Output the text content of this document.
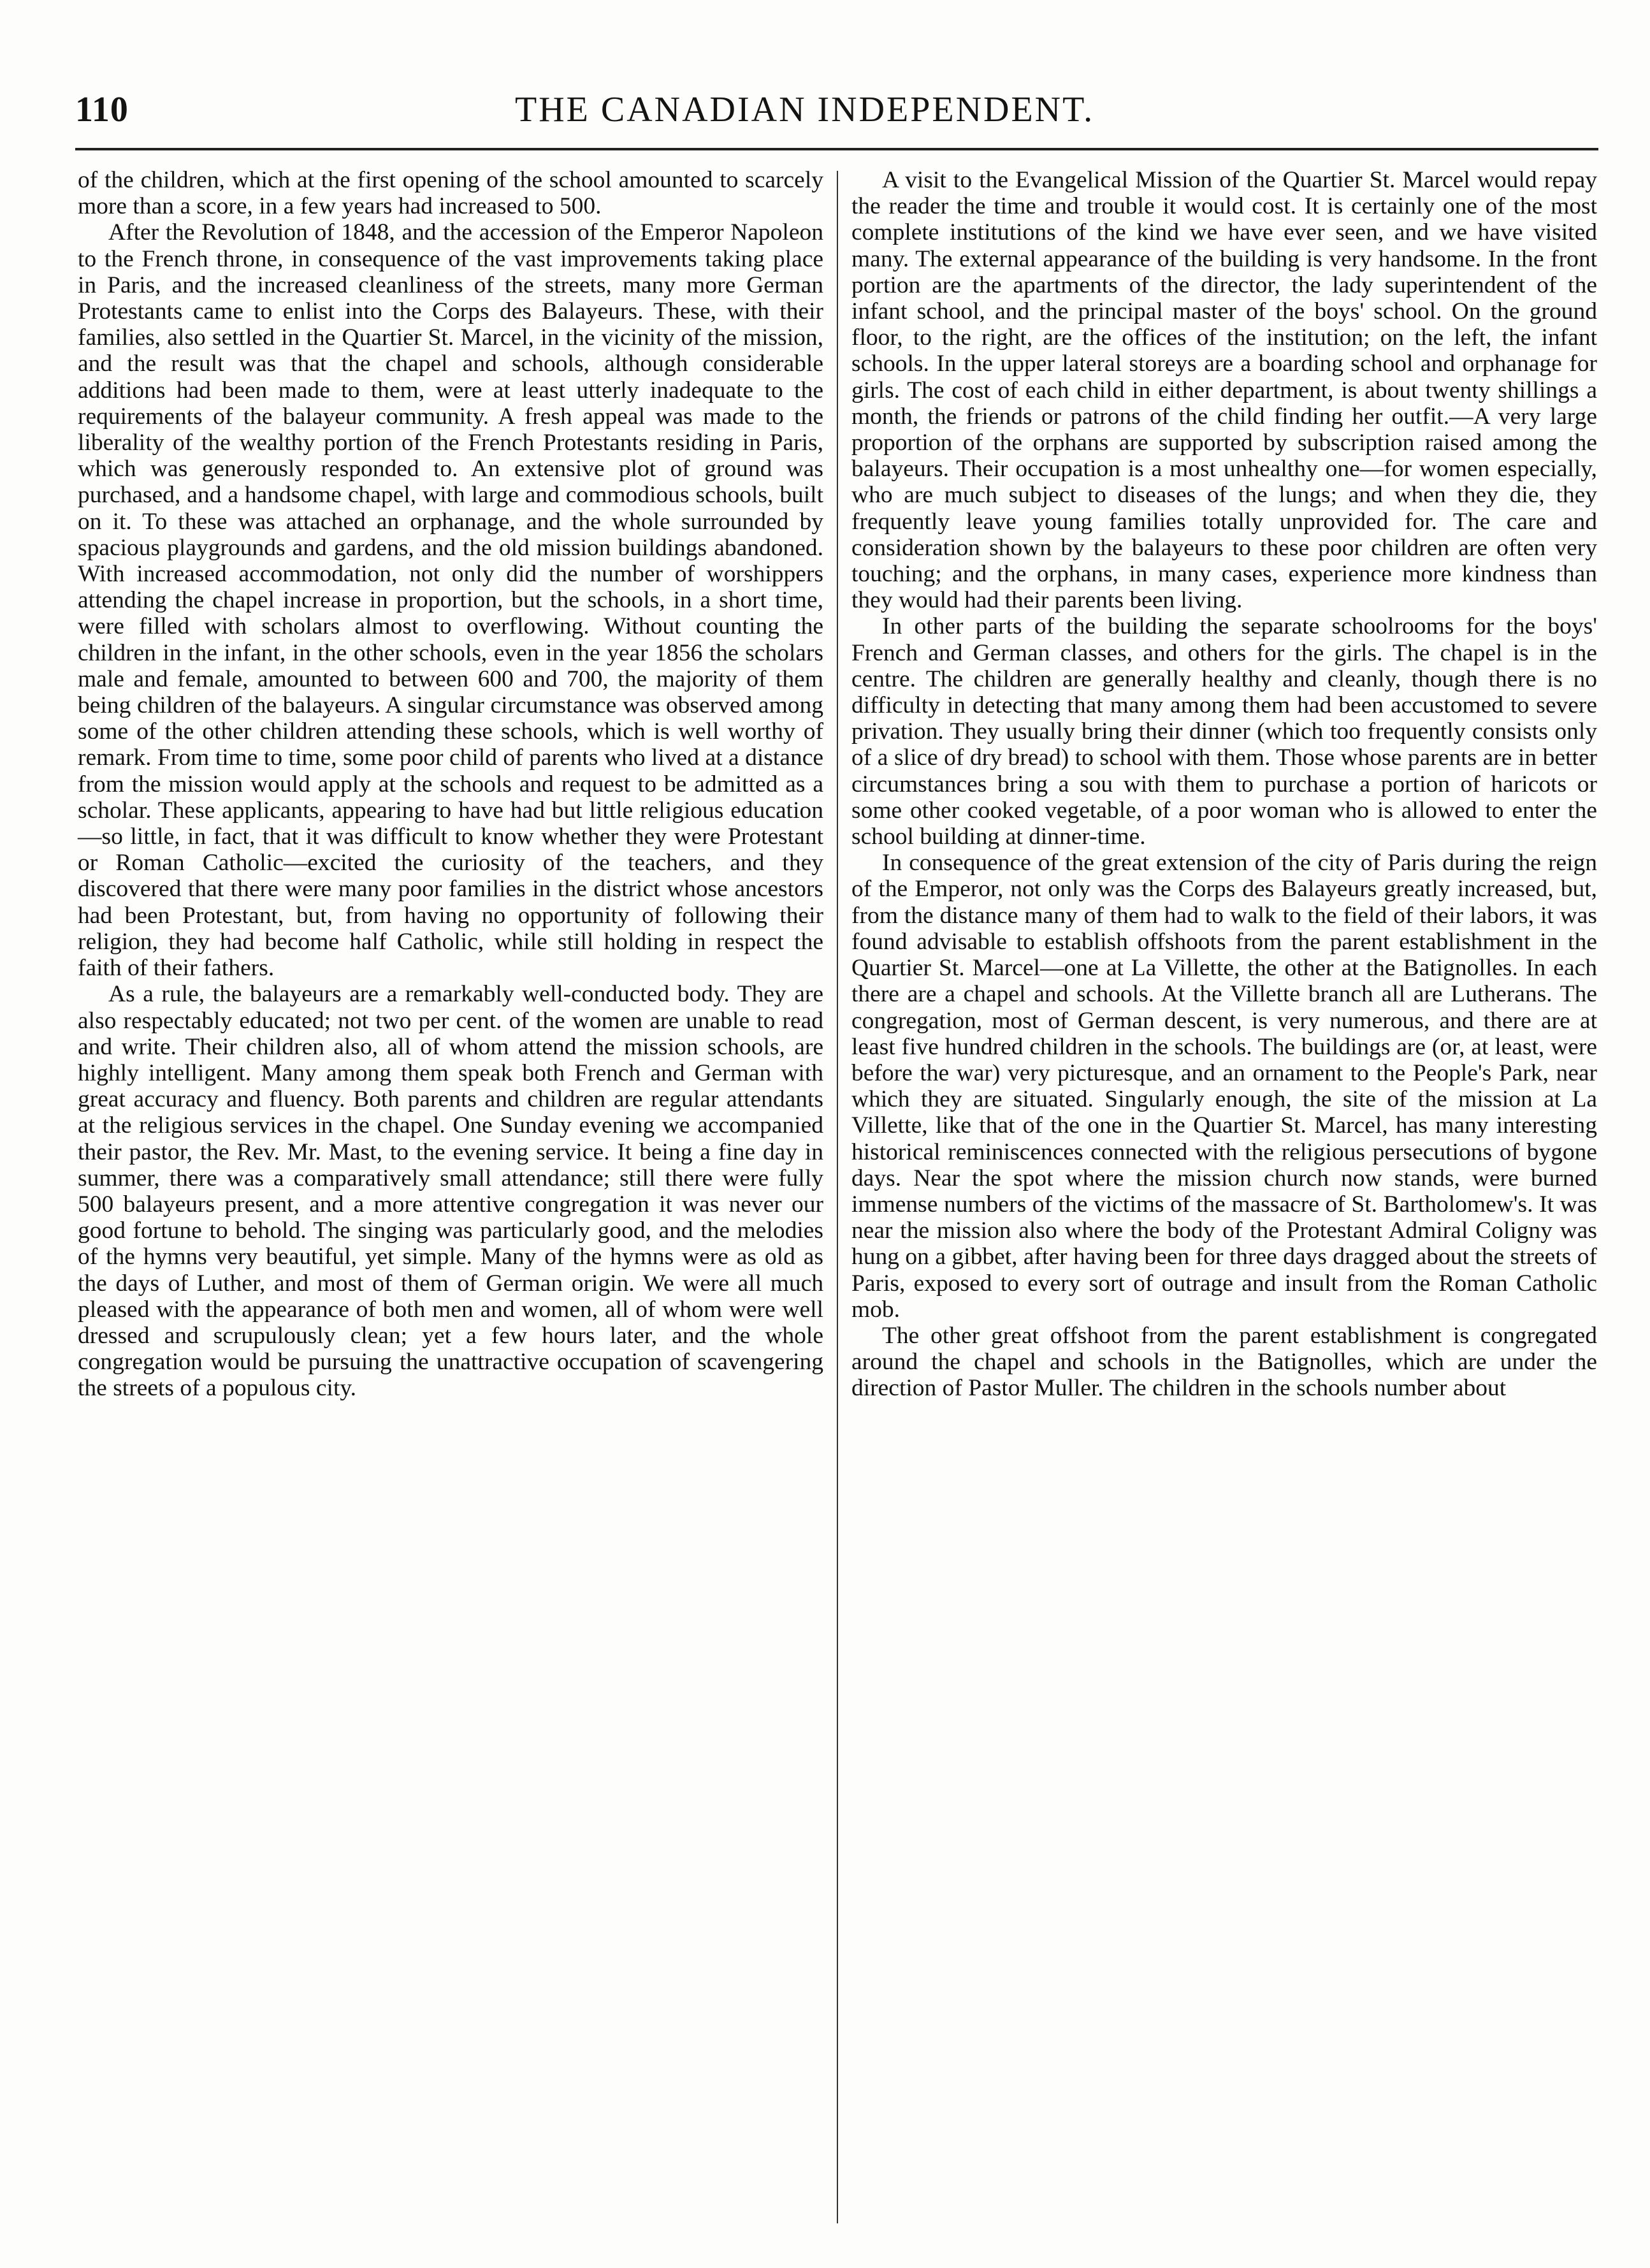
110	THE CANADIAN INDEPENDENT.

of the children, which at the first opening of the school amounted to scarcely more than a score, in a few years had increased to 500.

After the Revolution of 1848, and the accession of the Emperor Napoleon to the French throne, in consequence of the vast improvements taking place in Paris, and the increased cleanliness of the streets, many more German Protestants came to enlist into the Corps des Balayeurs. These, with their families, also settled in the Quartier St. Marcel, in the vicinity of the mission, and the result was that the chapel and schools, although considerable additions had been made to them, were at least utterly inadequate to the requirements of the balayeur community. A fresh appeal was made to the liberality of the wealthy portion of the French Protestants residing in Paris, which was generously responded to. An extensive plot of ground was purchased, and a handsome chapel, with large and commodious schools, built on it. To these was attached an orphanage, and the whole surrounded by spacious playgrounds and gardens, and the old mission buildings abandoned. With increased accommodation, not only did the number of worshippers attending the chapel increase in proportion, but the schools, in a short time, were filled with scholars almost to overflowing. Without counting the children in the infant, in the other schools, even in the year 1856 the scholars male and female, amounted to between 600 and 700, the majority of them being children of the balayeurs. A singular circumstance was observed among some of the other children attending these schools, which is well worthy of remark. From time to time, some poor child of parents who lived at a distance from the mission would apply at the schools and request to be admitted as a scholar. These applicants, appearing to have had but little religious education—so little, in fact, that it was difficult to know whether they were Protestant or Roman Catholic—excited the curiosity of the teachers, and they discovered that there were many poor families in the district whose ancestors had been Protestant, but, from having no opportunity of following their religion, they had become half Catholic, while still holding in respect the faith of their fathers.

As a rule, the balayeurs are a remarkably well-conducted body. They are also respectably educated; not two per cent. of the women are unable to read and write. Their children also, all of whom attend the mission schools, are highly intelligent. Many among them speak both French and German with great accuracy and fluency. Both parents and children are regular attendants at the religious services in the chapel. One Sunday evening we accompanied their pastor, the Rev. Mr. Mast, to the evening service. It being a fine day in summer, there was a comparatively small attendance; still there were fully 500 balayeurs present, and a more attentive congregation it was never our good fortune to behold. The singing was particularly good, and the melodies of the hymns very beautiful, yet simple. Many of the hymns were as old as the days of Luther, and most of them of German origin. We were all much pleased with the appearance of both men and women, all of whom were well dressed and scrupulously clean; yet a few hours later, and the whole congregation would be pursuing the unattractive occupation of scavengering the streets of a populous city.

A visit to the Evangelical Mission of the Quartier St. Marcel would repay the reader the time and trouble it would cost. It is certainly one of the most complete institutions of the kind we have ever seen, and we have visited many. The external appearance of the building is very handsome. In the front portion are the apartments of the director, the lady superintendent of the infant school, and the principal master of the boys' school. On the ground floor, to the right, are the offices of the institution; on the left, the infant schools. In the upper lateral storeys are a boarding school and orphanage for girls. The cost of each child in either department, is about twenty shillings a month, the friends or patrons of the child finding her outfit.—A very large proportion of the orphans are supported by subscription raised among the balayeurs. Their occupation is a most unhealthy one—for women especially, who are much subject to diseases of the lungs; and when they die, they frequently leave young families totally unprovided for. The care and consideration shown by the balayeurs to these poor children are often very touching; and the orphans, in many cases, experience more kindness than they would had their parents been living.

In other parts of the building the separate schoolrooms for the boys' French and German classes, and others for the girls. The chapel is in the centre. The children are generally healthy and cleanly, though there is no difficulty in detecting that many among them had been accustomed to severe privation. They usually bring their dinner (which too frequently consists only of a slice of dry bread) to school with them. Those whose parents are in better circumstances bring a sou with them to purchase a portion of haricots or some other cooked vegetable, of a poor woman who is allowed to enter the school building at dinner-time.

In consequence of the great extension of the city of Paris during the reign of the Emperor, not only was the Corps des Balayeurs greatly increased, but, from the distance many of them had to walk to the field of their labors, it was found advisable to establish offshoots from the parent establishment in the Quartier St. Marcel—one at La Villette, the other at the Batignolles. In each there are a chapel and schools. At the Villette branch all are Lutherans. The congregation, most of German descent, is very numerous, and there are at least five hundred children in the schools. The buildings are (or, at least, were before the war) very picturesque, and an ornament to the People's Park, near which they are situated. Singularly enough, the site of the mission at La Villette, like that of the one in the Quartier St. Marcel, has many interesting historical reminiscences connected with the religious persecutions of bygone days. Near the spot where the mission church now stands, were burned immense numbers of the victims of the massacre of St. Bartholomew's. It was near the mission also where the body of the Protestant Admiral Coligny was hung on a gibbet, after having been for three days dragged about the streets of Paris, exposed to every sort of outrage and insult from the Roman Catholic mob.

The other great offshoot from the parent establishment is congregated around the chapel and schools in the Batignolles, which are under the direction of Pastor Muller. The children in the schools number about
